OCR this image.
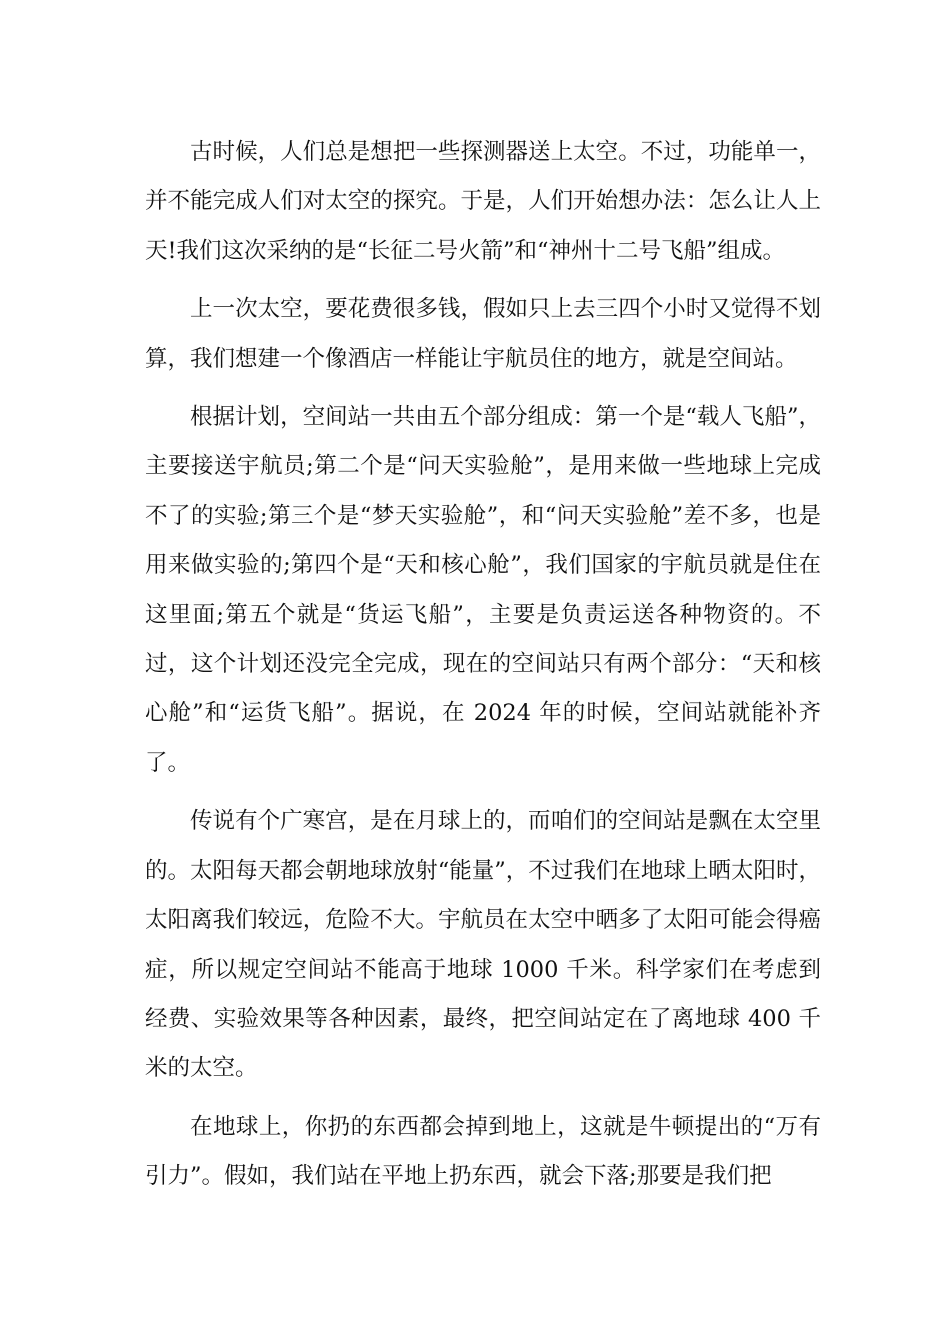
古时候，人们总是想把一些探测器送上太空。不过，功能单一，并不能完成人们对太空的探究。于是，人们开始想办法：怎么让人上天!我们这次采纳的是“长征二号火箭”和“神州十二号飞船”组成。

上一次太空，要花费很多钱，假如只上去三四个小时又觉得不划算，我们想建一个像酒店一样能让宇航员住的地方，就是空间站。

根据计划，空间站一共由五个部分组成：第一个是“载人飞船”，主要接送宇航员;第二个是“问天实验舱”，是用来做一些地球上完成不了的实验;第三个是“梦天实验舱”，和“问天实验舱”差不多，也是用来做实验的;第四个是“天和核心舱”，我们国家的宇航员就是住在这里面;第五个就是“货运飞船”，主要是负责运送各种物资的。不过，这个计划还没完全完成，现在的空间站只有两个部分：“天和核心舱”和“运货飞船”。据说，在 2024 年的时候，空间站就能补齐了。

传说有个广寒宫，是在月球上的，而咱们的空间站是飘在太空里的。太阳每天都会朝地球放射“能量”，不过我们在地球上晒太阳时，太阳离我们较远，危险不大。宇航员在太空中晒多了太阳可能会得癌症，所以规定空间站不能高于地球 1000 千米。科学家们在考虑到经费、实验效果等各种因素，最终，把空间站定在了离地球 400 千米的太空。

在地球上，你扔的东西都会掉到地上，这就是牛顿提出的“万有引力”。假如，我们站在平地上扔东西，就会下落;那要是我们把
